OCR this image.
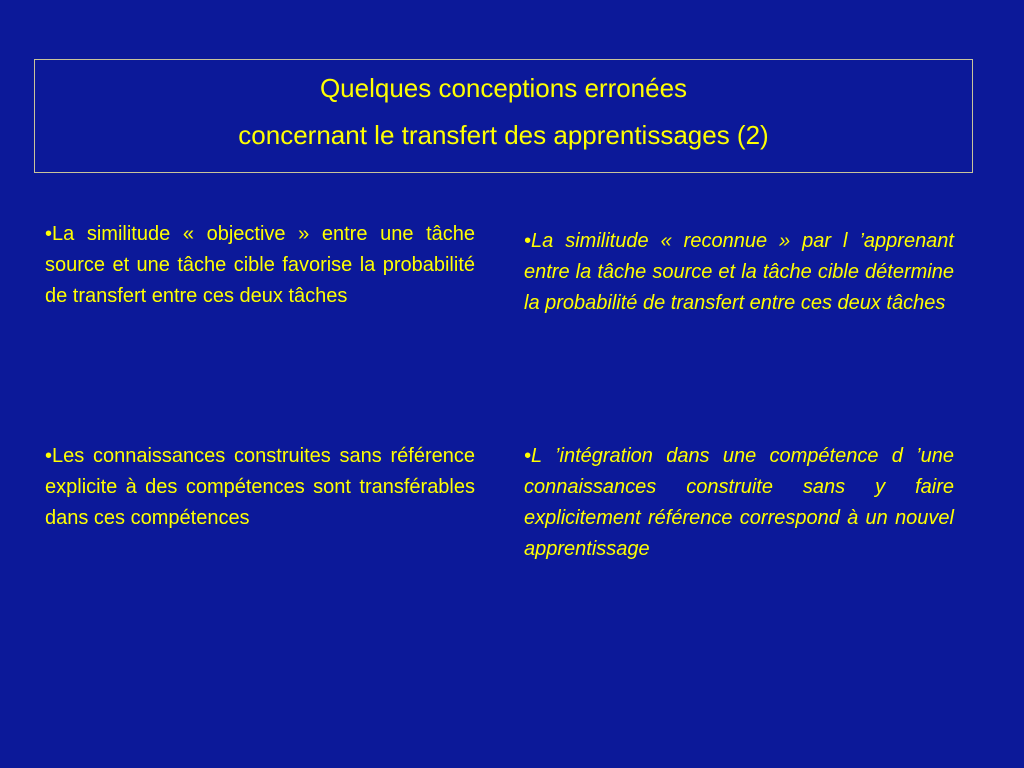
Quelques conceptions erronées
concernant le transfert des apprentissages (2)
•La similitude « objective » entre une tâche source et une tâche cible favorise la probabilité de transfert entre ces deux tâches
•La similitude « reconnue » par l ’apprenant entre la tâche source et la tâche cible détermine la probabilité de transfert entre ces deux tâches
•Les connaissances construites sans référence explicite à des compétences sont transférables dans ces compétences
•L ’intégration dans une compétence d ’une connaissances construite sans y faire explicitement référence correspond à un nouvel apprentissage
